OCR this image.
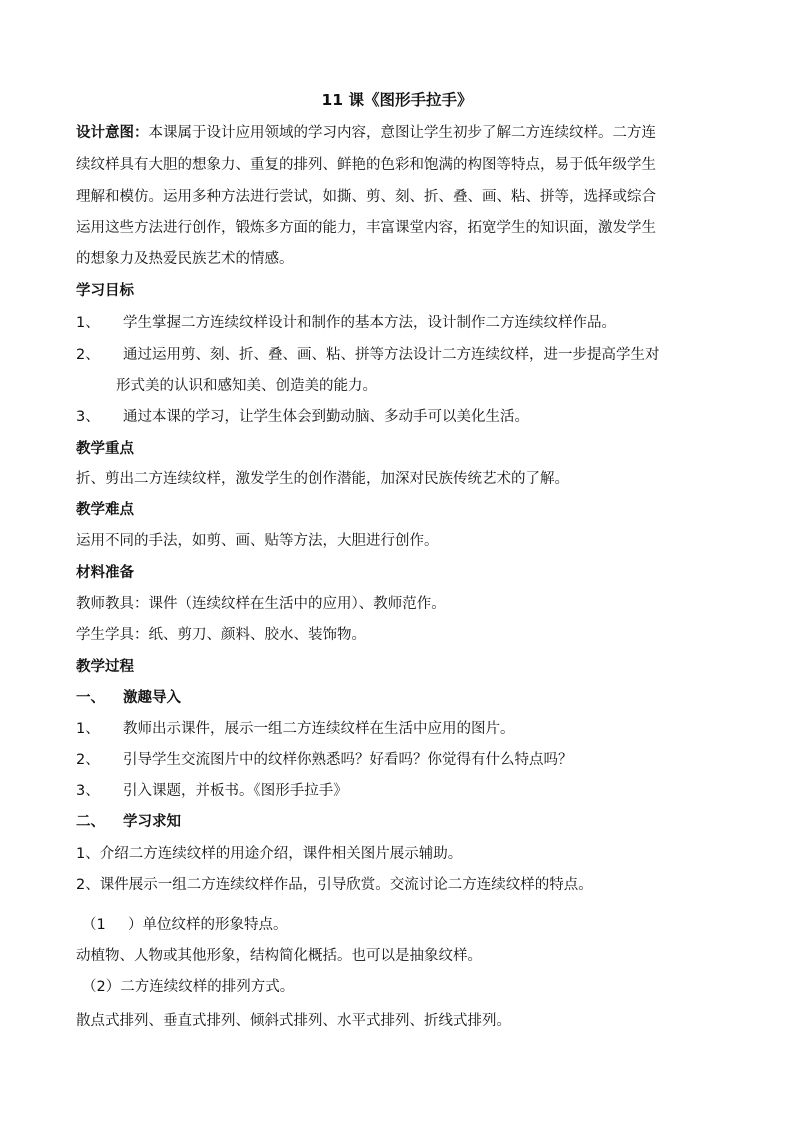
11 课《图形手拉手》
设计意图：本课属于设计应用领域的学习内容，意图让学生初步了解二方连续纹样。二方连
续纹样具有大胆的想象力、重复的排列、鲜艳的色彩和饱满的构图等特点，易于低年级学生
理解和模仿。运用多种方法进行尝试，如撕、剪、刻、折、叠、画、粘、拼等，选择或综合
运用这些方法进行创作，锻炼多方面的能力，丰富课堂内容，拓宽学生的知识面，激发学生
的想象力及热爱民族艺术的情感。
学习目标
1、 学生掌握二方连续纹样设计和制作的基本方法，设计制作二方连续纹样作品。
2、 通过运用剪、刻、折、叠、画、粘、拼等方法设计二方连续纹样，进一步提高学生对
形式美的认识和感知美、创造美的能力。
3、 通过本课的学习，让学生体会到勤动脑、多动手可以美化生活。
教学重点
折、剪出二方连续纹样，激发学生的创作潜能，加深对民族传统艺术的了解。
教学难点
运用不同的手法，如剪、画、贴等方法，大胆进行创作。
材料准备
教师教具：课件（连续纹样在生活中的应用）、教师范作。
学生学具：纸、剪刀、颜料、胶水、装饰物。
教学过程
一、 激趣导入
1、 教师出示课件，展示一组二方连续纹样在生活中应用的图片。
2、 引导学生交流图片中的纹样你熟悉吗？好看吗？你觉得有什么特点吗？
3、 引入课题，并板书。《图形手拉手》
二、 学习求知
1、介绍二方连续纹样的用途介绍，课件相关图片展示辅助。
2、课件展示一组二方连续纹样作品，引导欣赏。交流讨论二方连续纹样的特点。
（1 ）单位纹样的形象特点。
动植物、人物或其他形象，结构简化概括。也可以是抽象纹样。
（2）二方连续纹样的排列方式。
散点式排列、垂直式排列、倾斜式排列、水平式排列、折线式排列。
